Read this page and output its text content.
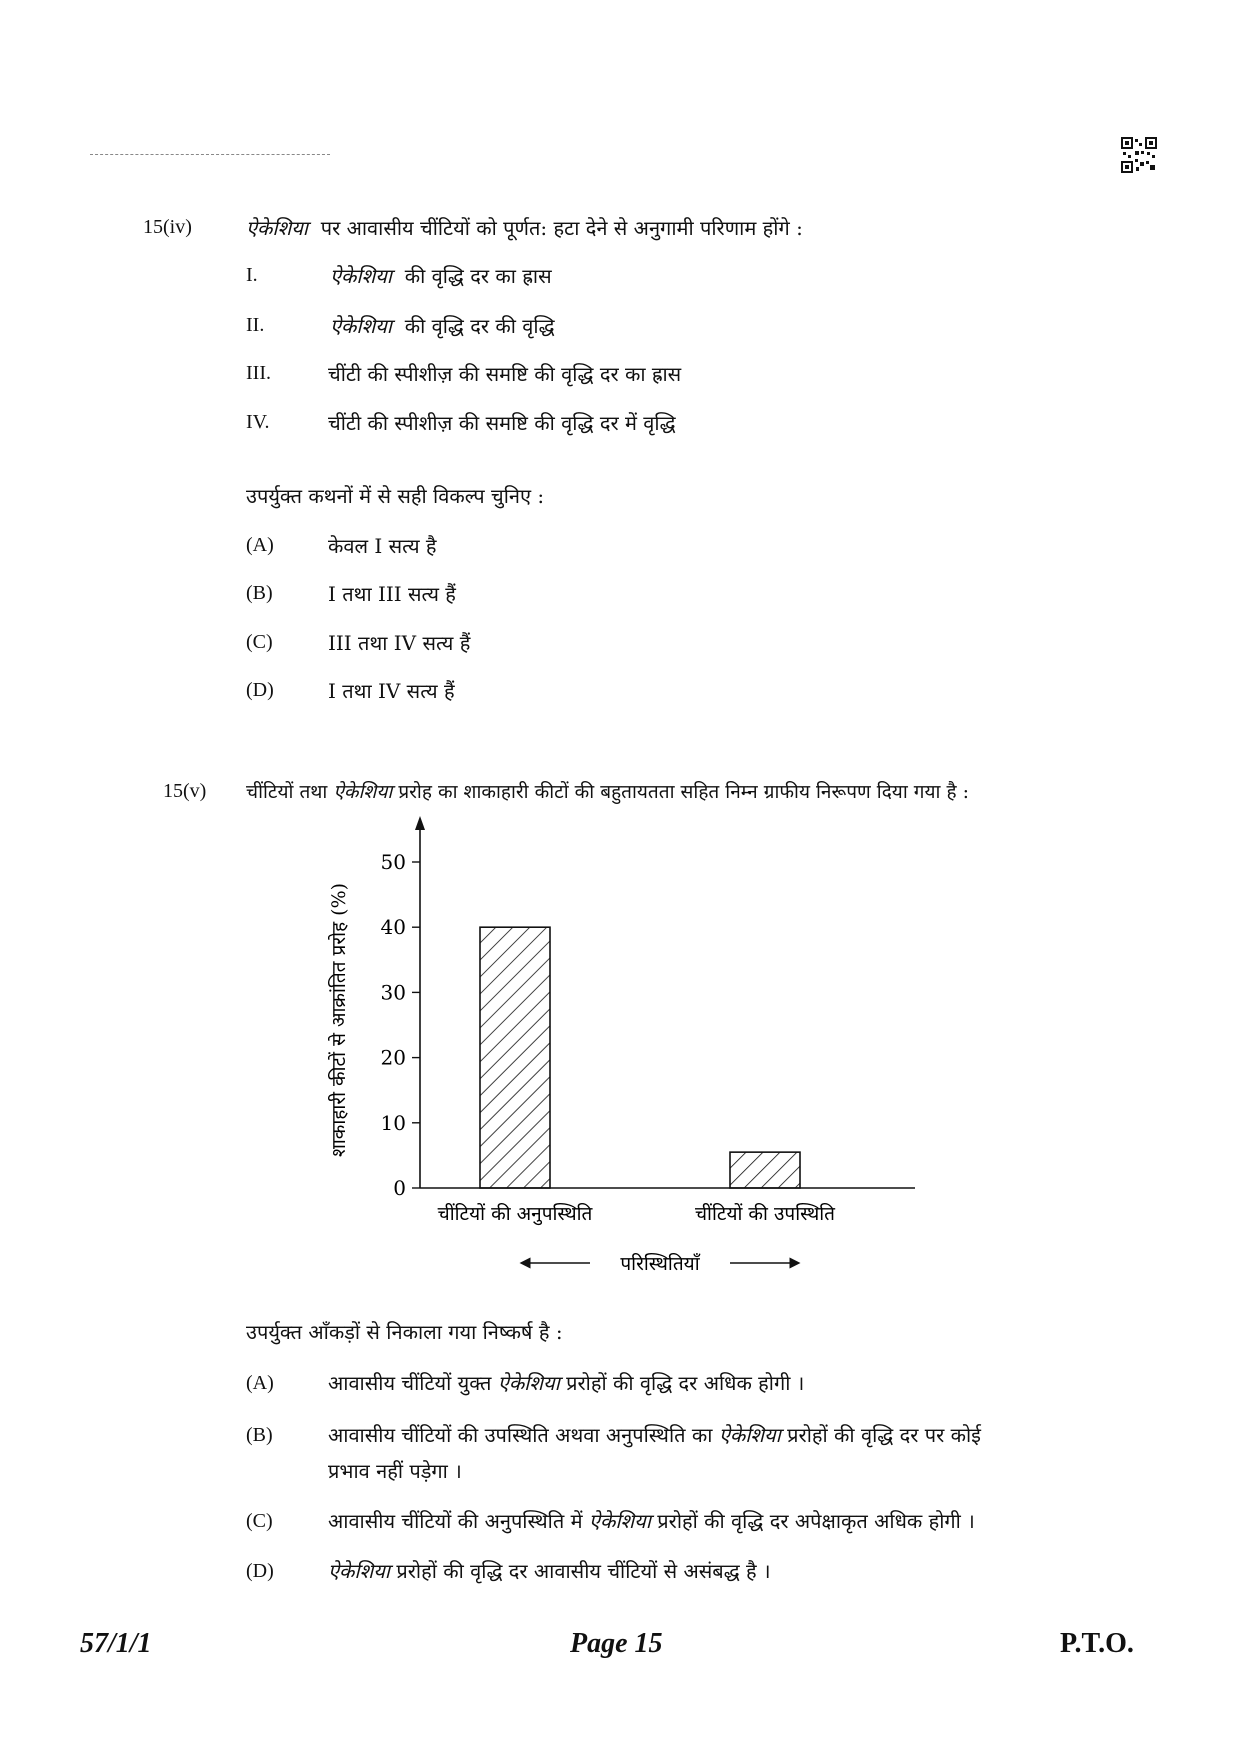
15(iv)	ऐकेशिया पर आवासीय चींटियों को पूर्णत: हटा देने से अनुगामी परिणाम होंगे :
I.	ऐकेशिया की वृद्धि दर का ह्रास
II.	ऐकेशिया की वृद्धि दर की वृद्धि
III.	चींटी की स्पीशीज़ की समष्टि की वृद्धि दर का ह्रास
IV.	चींटी की स्पीशीज़ की समष्टि की वृद्धि दर में वृद्धि
उपर्युक्त कथनों में से सही विकल्प चुनिए :
(A)	केवल I सत्य है
(B)	I तथा III सत्य हैं
(C)	III तथा IV सत्य हैं
(D)	I तथा IV सत्य हैं
15(v) चींटियों तथा ऐकेशिया प्ररोह का शाकाहारी कीटों की बहुतायतता सहित निम्न ग्राफीय निरूपण दिया गया है :
0
10
20
30
40
50
चींटियों की अनुपस्थिति	चींटियों की उपस्थिति
शाकाहारी कीटों से आक्रांतित प्ररोह (%)
परिस्थितियाँ
उपर्युक्त आँकड़ों से निकाला गया निष्कर्ष है :
(A)	आवासीय चींटियों युक्त ऐकेशिया प्ररोहों की वृद्धि दर अधिक होगी ।
(B)	आवासीय चींटियों की उपस्थिति अथवा अनुपस्थिति का ऐकेशिया प्ररोहों की वृद्धि दर पर कोई
प्रभाव नहीं पड़ेगा ।
(C)	आवासीय चींटियों की अनुपस्थिति में ऐकेशिया प्ररोहों की वृद्धि दर अपेक्षाकृत अधिक होगी ।
(D)	ऐकेशिया प्ररोहों की वृद्धि दर आवासीय चींटियों से असंबद्ध है ।
57/1/1	Page 15	P.T.O.
